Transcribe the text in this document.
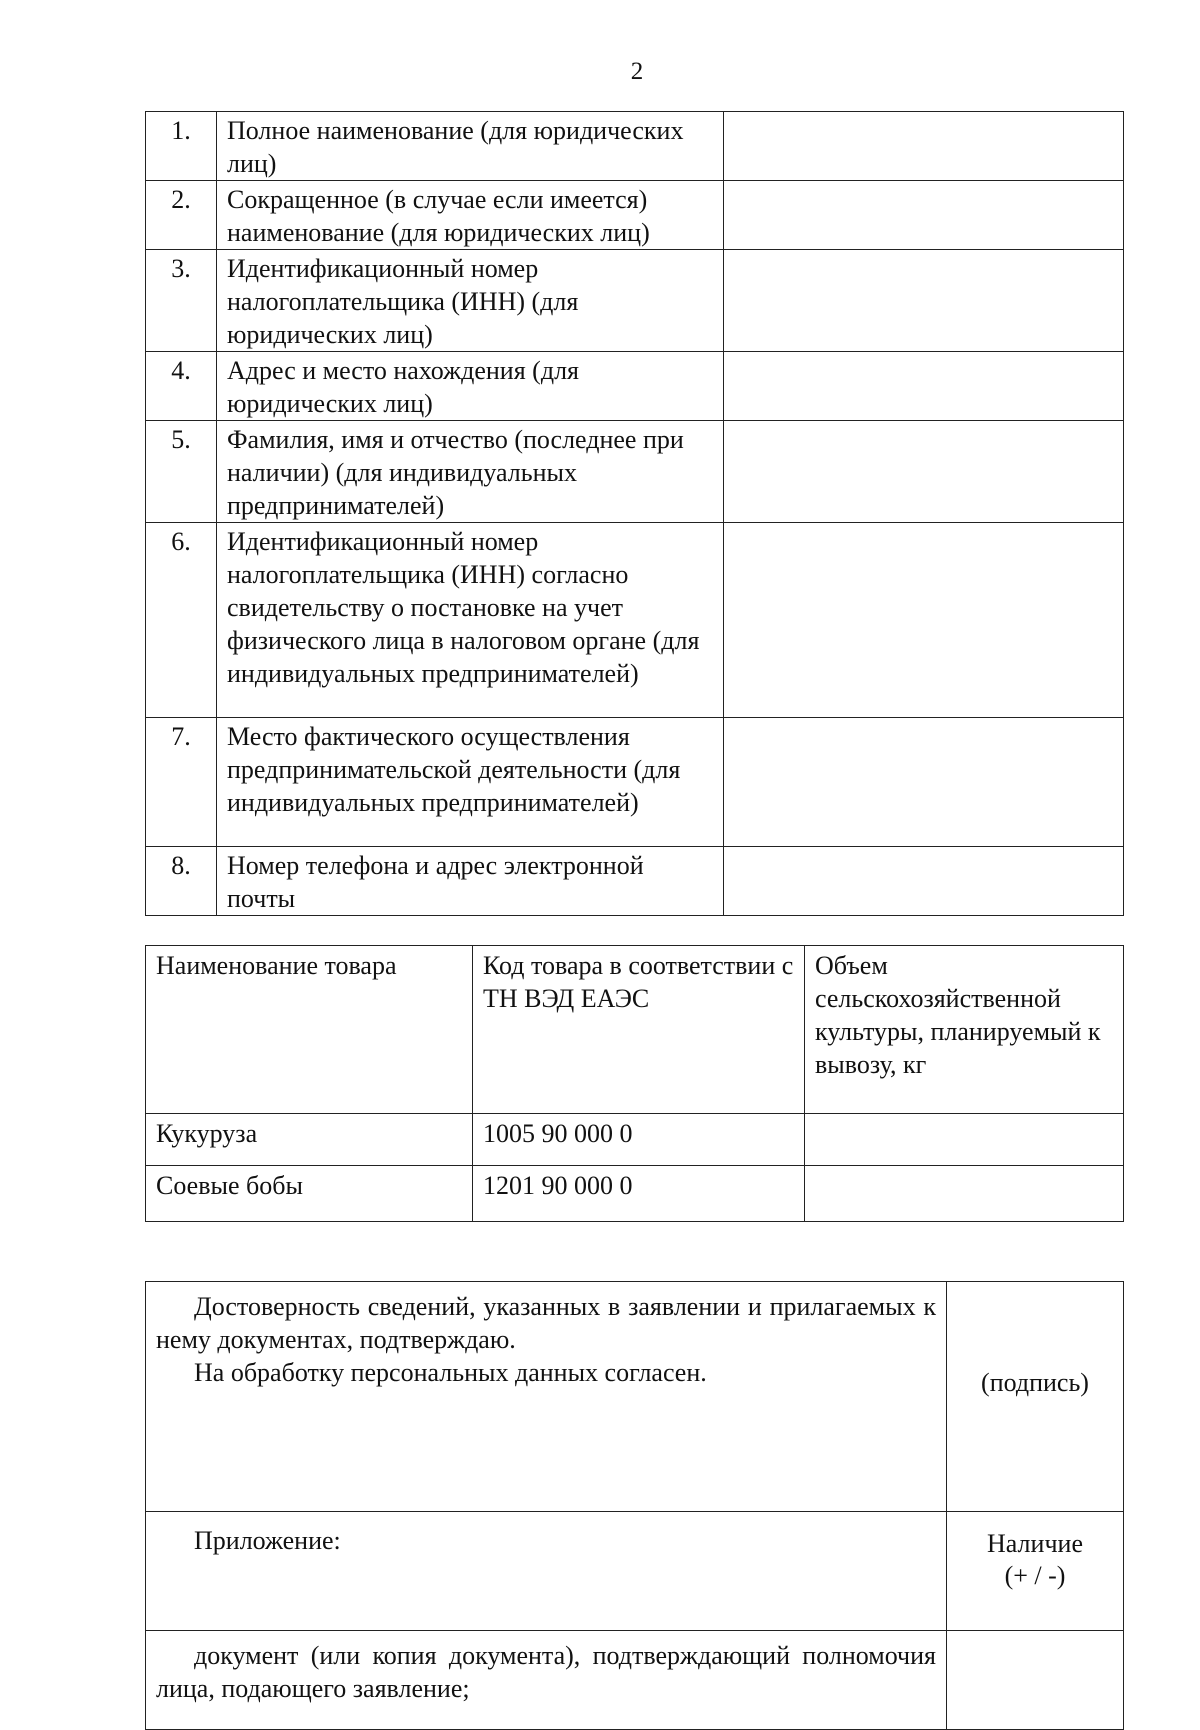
2
1.	Полное наименование (для юридических лиц)	
2.	Сокращенное (в случае если имеется) наименование (для юридических лиц)	
3.	Идентификационный номер налогоплательщика (ИНН) (для юридических лиц)	
4.	Адрес и место нахождения (для юридических лиц)	
5.	Фамилия, имя и отчество (последнее при наличии) (для индивидуальных предпринимателей)	
6.	Идентификационный номер налогоплательщика (ИНН) согласно свидетельству о постановке на учет физического лица в налоговом органе (для индивидуальных предпринимателей)	
7.	Место фактического осуществления предпринимательской деятельности (для индивидуальных предпринимателей)	
8.	Номер телефона и адрес электронной почты	
Наименование товара	Код товара в соответствии с ТН ВЭД ЕАЭС	Объем сельскохозяйственной культуры, планируемый к вывозу, кг
Кукуруза	1005 90 000 0	
Соевые бобы	1201 90 000 0	
Достоверность сведений, указанных в заявлении и прилагаемых к нему документах, подтверждаю.
На обработку персональных данных согласен.	(подпись)

Приложение:	Наличие
(+ / -)

документ (или копия документа), подтверждающий полномочия лица, подающего заявление;	
